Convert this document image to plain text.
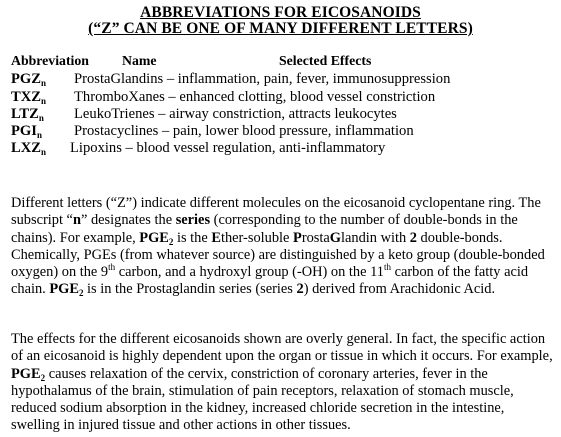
ABBREVIATIONS FOR EICOSANOIDS
(“Z” CAN BE ONE OF MANY DIFFERENT LETTERS)
Abbreviation Name	Selected Effects
$PGZ_n$ ProstaGlandins – inflammation, pain, fever, immunosuppression
$TXZ_n$ ThromboXanes – enhanced clotting, blood vessel constriction
$LTZ_n$ LeukoTrienes – airway constriction, attracts leukocytes
$PGI_n$ Prostacyclines – pain, lower blood pressure, inflammation
$LXZ_n$ Lipoxins – blood vessel regulation, anti-inflammatory
Different letters (“Z”) indicate different molecules on the eicosanoid cyclopentane ring. The subscript “n” designates the series (corresponding to the number of double-bonds in the chains). For example, $PGE_2$ is the Ether-soluble ProstaGlandin with 2 double-bonds. Chemically, PGEs (from whatever source) are distinguished by a keto group (double-bonded oxygen) on the 9th carbon, and a hydroxyl group (-OH) on the 11th carbon of the fatty acid chain. $PGE_2$ is in the Prostaglandin series (series 2) derived from Arachidonic Acid.
The effects for the different eicosanoids shown are overly general. In fact, the specific action of an eicosanoid is highly dependent upon the organ or tissue in which it occurs. For example, $PGE_2$ causes relaxation of the cervix, constriction of coronary arteries, fever in the hypothalamus of the brain, stimulation of pain receptors, relaxation of stomach muscle, reduced sodium absorption in the kidney, increased chloride secretion in the intestine, swelling in injured tissue and other actions in other tissues.
